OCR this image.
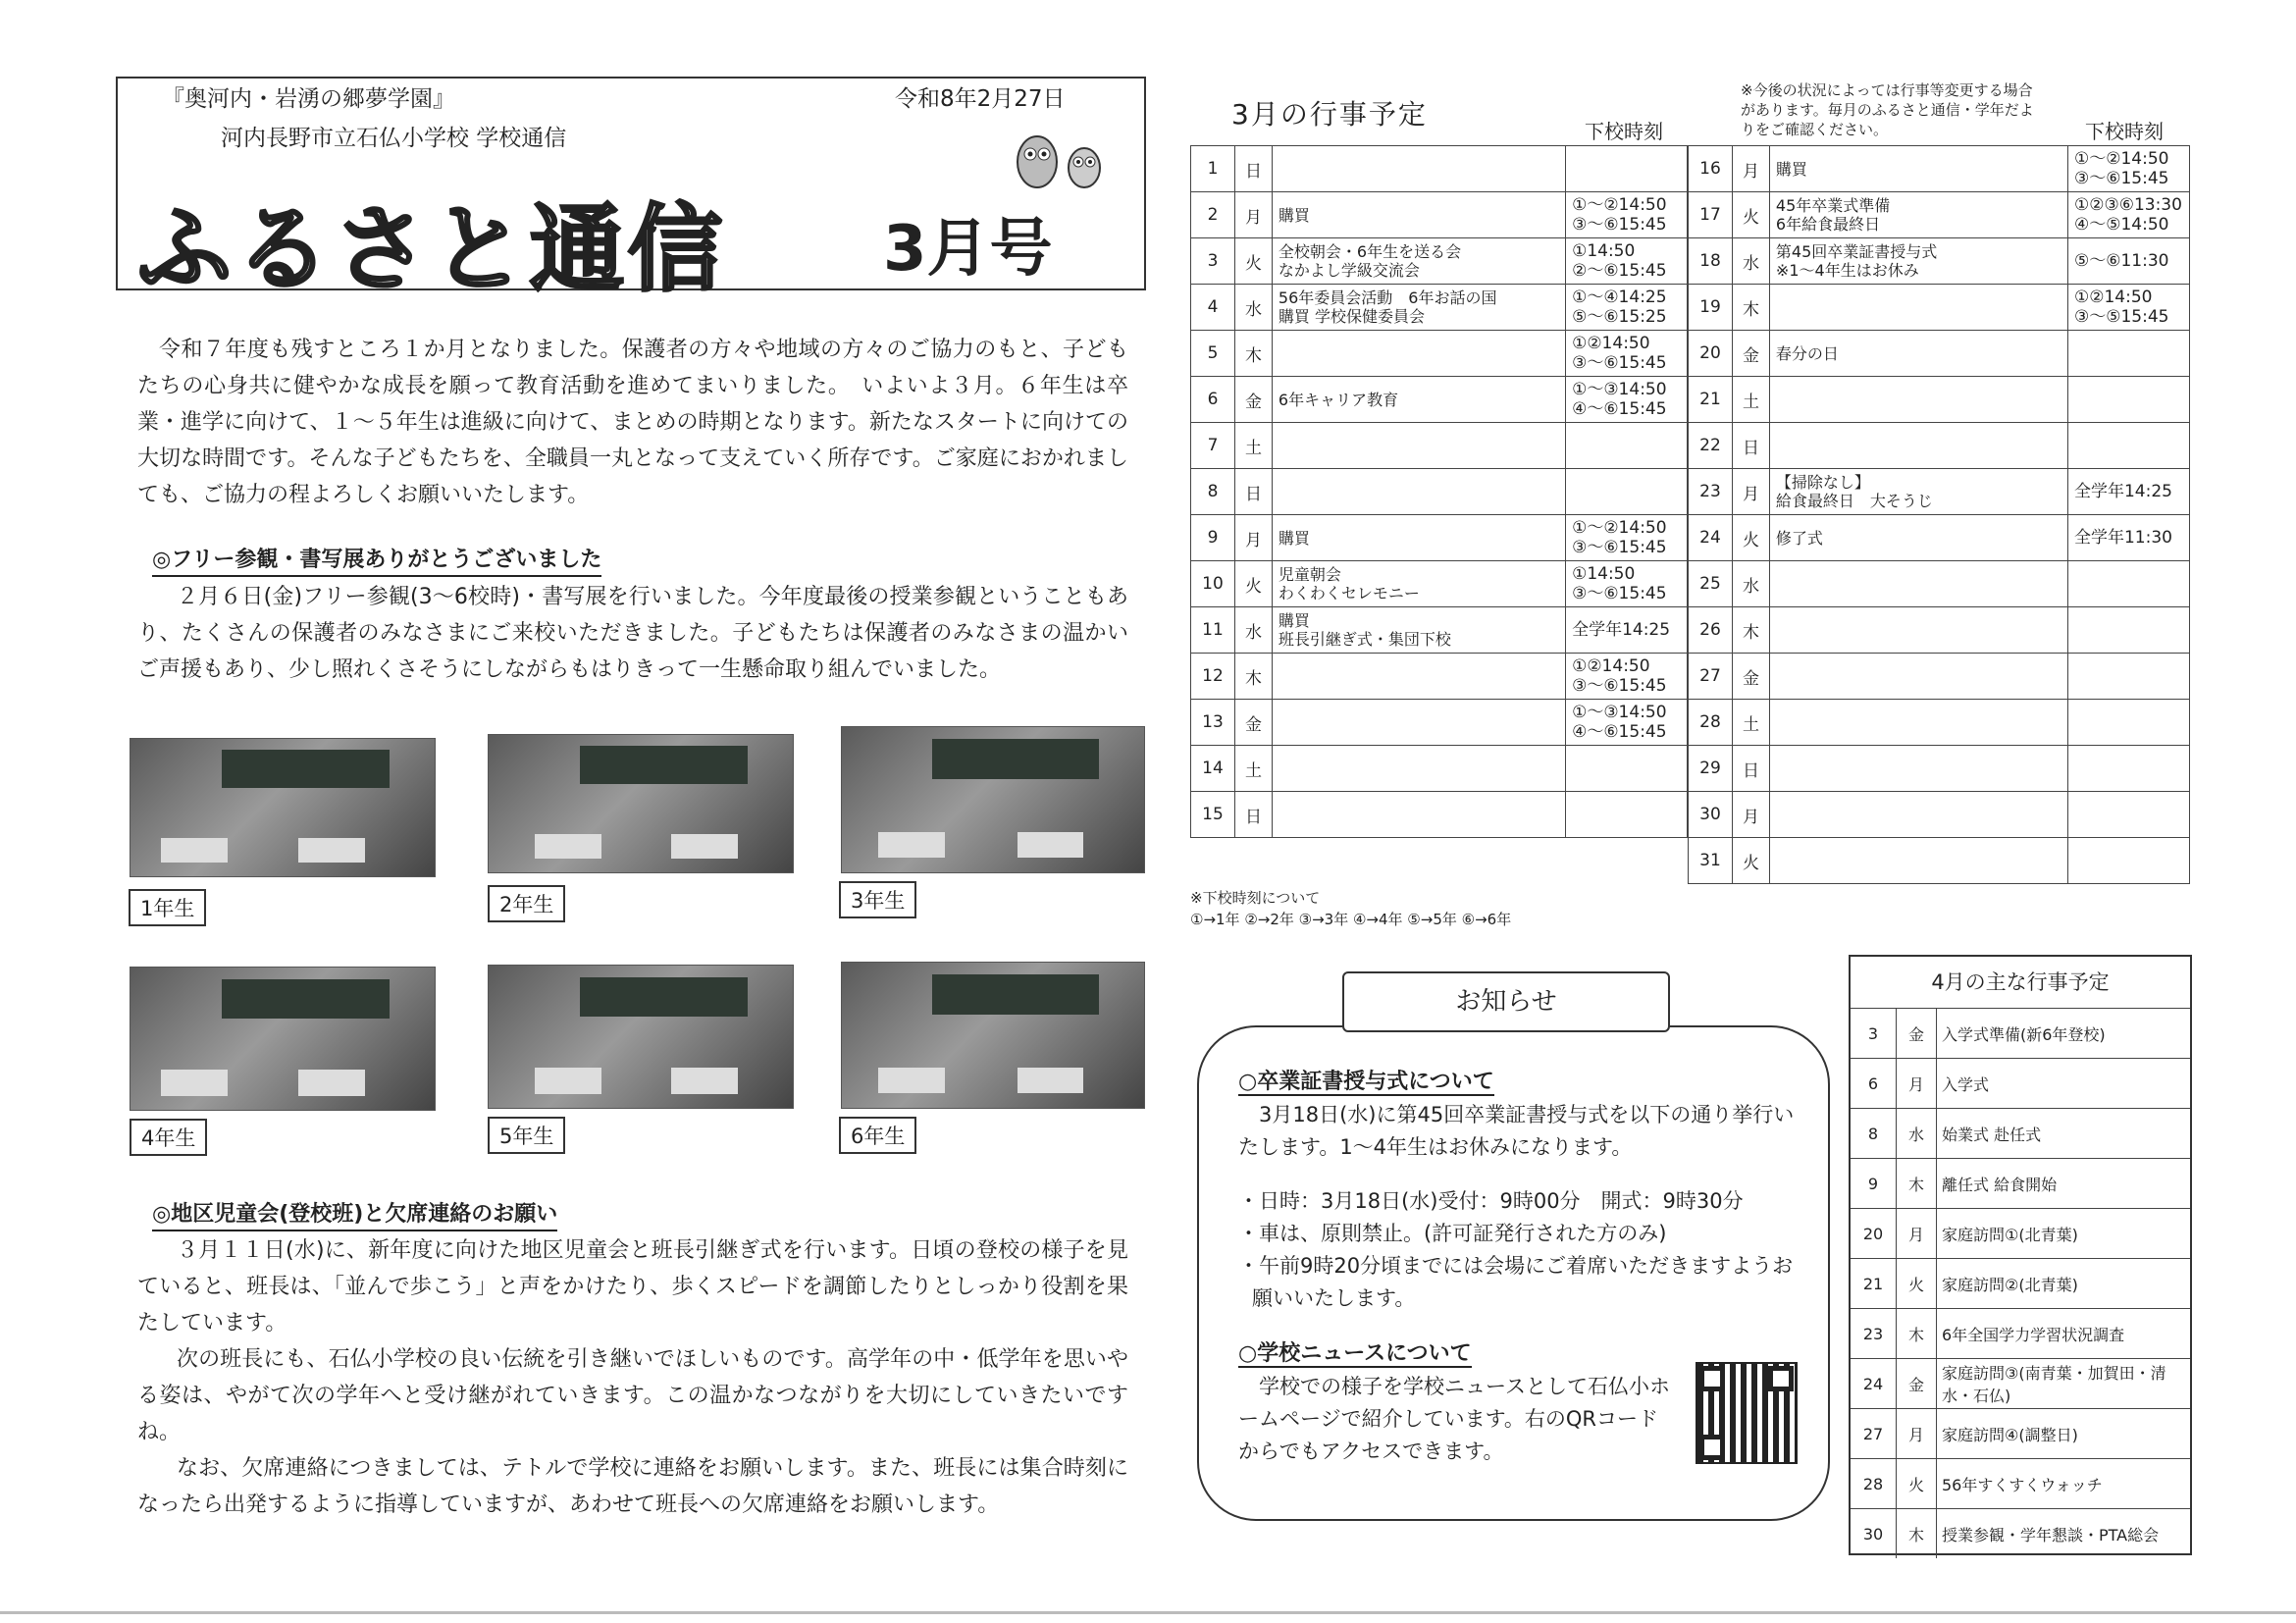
『奥河内・岩湧の郷夢学園』	令和8年2月27日
河内長野市立石仏小学校 学校通信
ふるさと通信	3月号
令和７年度も残すところ１か月となりました。保護者の方々や地域の方々のご協力のもと、子どもたちの心身共に健やかな成長を願って教育活動を進めてまいりました。　いよいよ３月。６年生は卒業・進学に向けて、１～５年生は進級に向けて、まとめの時期となります。新たなスタートに向けての大切な時間です。そんな子どもたちを、全職員一丸となって支えていく所存です。ご家庭におかれましても、ご協力の程よろしくお願いいたします。
◎フリー参観・書写展ありがとうございました
２月６日(金)フリー参観(3～6校時)・書写展を行いました。今年度最後の授業参観ということもあり、たくさんの保護者のみなさまにご来校いただきました。子どもたちは保護者のみなさまの温かいご声援もあり、少し照れくさそうにしながらもはりきって一生懸命取り組んでいました。
1年生	2年生	3年生
4年生	5年生	6年生
◎地区児童会(登校班)と欠席連絡のお願い
３月１１日(水)に、新年度に向けた地区児童会と班長引継ぎ式を行います。日頃の登校の様子を見ていると、班長は、「並んで歩こう」と声をかけたり、歩くスピードを調節したりとしっかり役割を果たしています。
次の班長にも、石仏小学校の良い伝統を引き継いでほしいものです。高学年の中・低学年を思いやる姿は、やがて次の学年へと受け継がれていきます。この温かなつながりを大切にしていきたいですね。
なお、欠席連絡につきましては、テトルで学校に連絡をお願いします。また、班長には集合時刻になったら出発するように指導していますが、あわせて班長への欠席連絡をお願いします。
3月の行事予定
※今後の状況によっては行事等変更する場合があります。毎月のふるさと通信・学年だよりをご確認ください。
下校時刻	下校時刻
1	日		
2	月	購買	①～②14:50
③～⑥15:45
3	火	全校朝会・6年生を送る会
なかよし学級交流会	①14:50
②～⑥15:45
4	水	56年委員会活動　6年お話の国
購買 学校保健委員会	①～④14:25
⑤～⑥15:25
5	木		①②14:50
③～⑥15:45
6	金	6年キャリア教育	①～③14:50
④～⑥15:45
7	土		
8	日		
9	月	購買	①～②14:50
③～⑥15:45
10	火	児童朝会
わくわくセレモニー	①14:50
③～⑥15:45
11	水	購買
班長引継ぎ式・集団下校	全学年14:25
12	木		①②14:50
③～⑥15:45
13	金		①～③14:50
④～⑥15:45
14	土		
15	日		
16	月	購買	①～②14:50
③～⑥15:45
17	火	45年卒業式準備
6年給食最終日	①②③⑥13:30
④～⑤14:50
18	水	第45回卒業証書授与式
※1～4年生はお休み	⑤～⑥11:30
19	木		①②14:50
③～⑤15:45
20	金	春分の日	
21	土		
22	日		
23	月	【掃除なし】
給食最終日　大そうじ	全学年14:25
24	火	修了式	全学年11:30
25	水		
26	木		
27	金		
28	土		
29	日		
30	月		
31	火		
※下校時刻について
①→1年 ②→2年 ③→3年 ④→4年 ⑤→5年 ⑥→6年
お知らせ
○卒業証書授与式について
　3月18日(水)に第45回卒業証書授与式を以下の通り挙行いたします。1～4年生はお休みになります。
・日時：3月18日(水)受付：9時00分　開式：9時30分
・車は、原則禁止。(許可証発行された方のみ)
・午前9時20分頃までには会場にご着席いただきますようお願いいたします。
○学校ニュースについて
　学校での様子を学校ニュースとして石仏小ホームページで紹介しています。右のQRコードからでもアクセスできます。
4月の主な行事予定
3	金	入学式準備(新6年登校)
6	月	入学式
8	水	始業式 赴任式
9	木	離任式 給食開始
20	月	家庭訪問①(北青葉)
21	火	家庭訪問②(北青葉)
23	木	6年全国学力学習状況調査
24	金	家庭訪問③(南青葉・加賀田・清水・石仏)
27	月	家庭訪問④(調整日)
28	火	56年すくすくウォッチ
30	木	授業参観・学年懇談・PTA総会
